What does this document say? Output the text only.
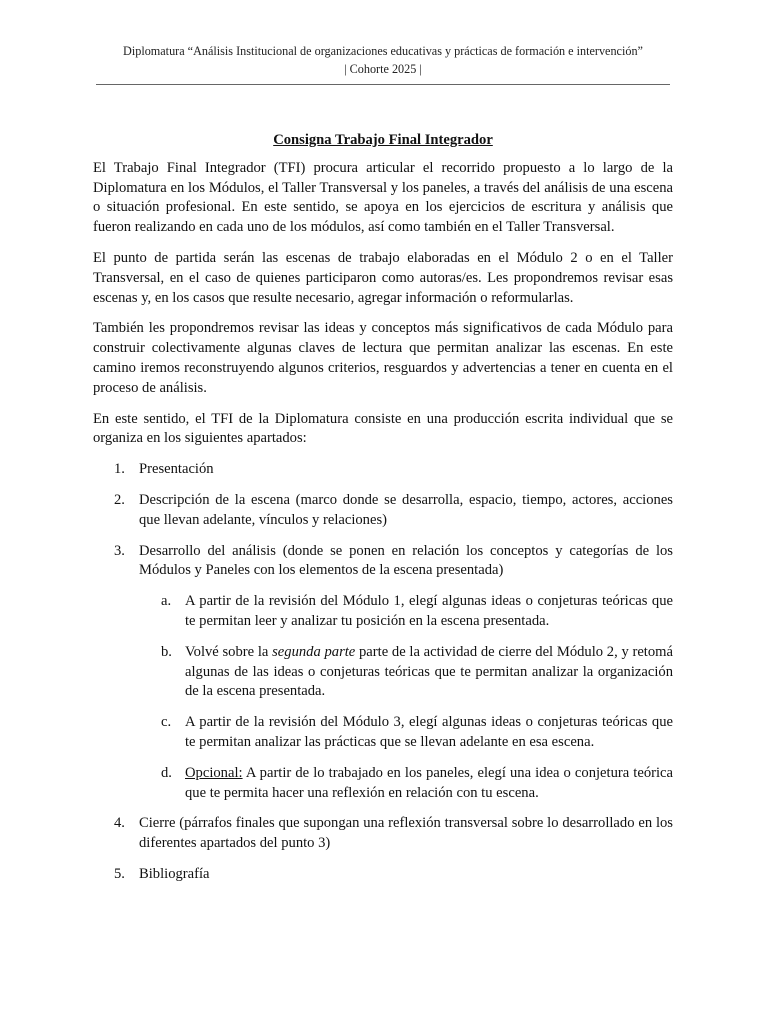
Diplomatura “Análisis Institucional de organizaciones educativas y prácticas de formación e intervención”
| Cohorte 2025 |
Consigna Trabajo Final Integrador

El Trabajo Final Integrador (TFI) procura articular el recorrido propuesto a lo largo de la Diplomatura en los Módulos, el Taller Transversal y los paneles, a través del análisis de una escena o situación profesional. En este sentido, se apoya en los ejercicios de escritura y análisis que fueron realizando en cada uno de los módulos, así como también en el Taller Transversal.

El punto de partida serán las escenas de trabajo elaboradas en el Módulo 2 o en el Taller Transversal, en el caso de quienes participaron como autoras/es. Les propondremos revisar esas escenas y, en los casos que resulte necesario, agregar información o reformularlas.

También les propondremos revisar las ideas y conceptos más significativos de cada Módulo para construir colectivamente algunas claves de lectura que permitan analizar las escenas. En este camino iremos reconstruyendo algunos criterios, resguardos y advertencias a tener en cuenta en el proceso de análisis.

En este sentido, el TFI de la Diplomatura consiste en una producción escrita individual que se organiza en los siguientes apartados:

1. Presentación
2. Descripción de la escena (marco donde se desarrolla, espacio, tiempo, actores, acciones que llevan adelante, vínculos y relaciones)
3. Desarrollo del análisis (donde se ponen en relación los conceptos y categorías de los Módulos y Paneles con los elementos de la escena presentada)
a. A partir de la revisión del Módulo 1, elegí algunas ideas o conjeturas teóricas que te permitan leer y analizar tu posición en la escena presentada.
b. Volvé sobre la segunda parte parte de la actividad de cierre del Módulo 2, y retomá algunas de las ideas o conjeturas teóricas que te permitan analizar la organización de la escena presentada.
c. A partir de la revisión del Módulo 3, elegí algunas ideas o conjeturas teóricas que te permitan analizar las prácticas que se llevan adelante en esa escena.
d. Opcional: A partir de lo trabajado en los paneles, elegí una idea o conjetura teórica que te permita hacer una reflexión en relación con tu escena.
4. Cierre (párrafos finales que supongan una reflexión transversal sobre lo desarrollado en los diferentes apartados del punto 3)
5. Bibliografía
